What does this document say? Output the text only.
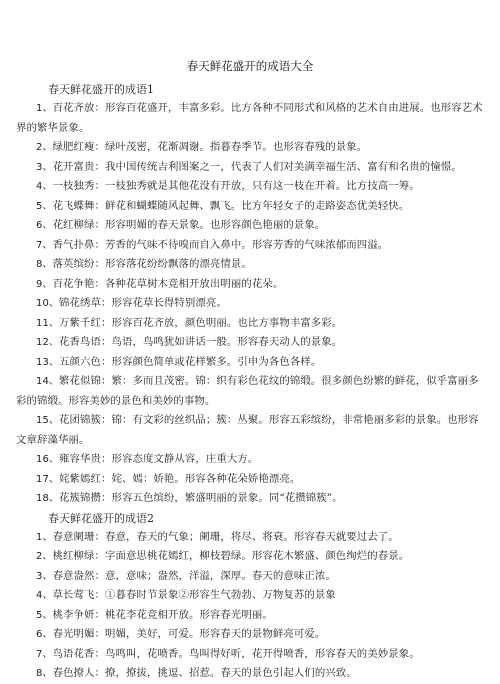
春天鲜花盛开的成语大全

春天鲜花盛开的成语1

1、百花齐放：形容百花盛开，丰富多彩。比方各种不同形式和风格的艺术自由进展。也形容艺术界的繁华景象。

2、绿肥红瘦：绿叶茂密，花渐凋谢。指暮春季节。也形容春残的景象。

3、花开富贵：我中国传统吉利图案之一，代表了人们对美满幸福生活、富有和名贵的憧憬。

4、一枝独秀：一枝独秀就是其他花没有开放，只有这一枝在开着。比方技高一筹。

5、花飞蝶舞：鲜花和蝴蝶随风起舞、飘飞。比方年轻女子的走路姿态优美轻快。

6、花红柳绿：形容明媚的春天景象。也形容颜色艳丽的景象。

7、香气扑鼻：芳香的气味不待嗅而自入鼻中。形容芳香的气味浓郁而四溢。

8、落英缤纷：形容落花纷纷飘落的漂亮情景。

9、百花争艳：各种花草树木竞相开放出明丽的花朵。

10、锦花绣草：形容花草长得特别漂亮。

11、万紫千红：形容百花齐放，颜色明丽。也比方事物丰富多彩。

12、花香鸟语：鸟语，鸟鸣犹如讲话一般。形容春天动人的景象。

13、五颜六色：形容颜色简单或花样繁多。引申为各色各样。

14、繁花似锦：繁：多而且茂密。锦：织有彩色花纹的锦缎。很多颜色纷繁的鲜花，似乎富丽多彩的锦缎。形容美妙的景色和美妙的事物。

15、花团锦簇：锦：有文彩的丝织品；簇：丛聚。形容五彩缤纷，非常艳丽多彩的景象。也形容文章辞藻华丽。

16、雍容华贵：形容态度文静从容，庄重大方。

17、姹紫嫣红：姹、嫣：娇艳。形容各种花朵娇艳漂亮。

18、花簇锦攒：形容五色缤纷，繁盛明丽的景象。同“花攒锦簇”。

春天鲜花盛开的成语2

1、春意阑珊：春意，春天的气象；阑珊，将尽、将衰。形容春天就要过去了。

2、桃红柳绿：字面意思桃花嫣红，柳枝碧绿。形容花木繁盛、颜色绚烂的春景。

3、春意盎然：意，意味；盎然，洋溢，深厚。春天的意味正浓。

4、草长莺飞：①暮春时节景象②形容生气勃勃、万物复苏的景象

5、桃李争妍：桃花李花竞相开放。形容春光明丽。

6、春光明媚：明媚，美好，可爱。形容春天的景物鲜亮可爱。

7、鸟语花香：鸟鸣叫，花喷香。鸟叫得好听，花开得喷香，形容春天的美妙景象。

8、春色撩人：撩，撩拔，挑逗、招惹。春天的景色引起人们的兴致。
